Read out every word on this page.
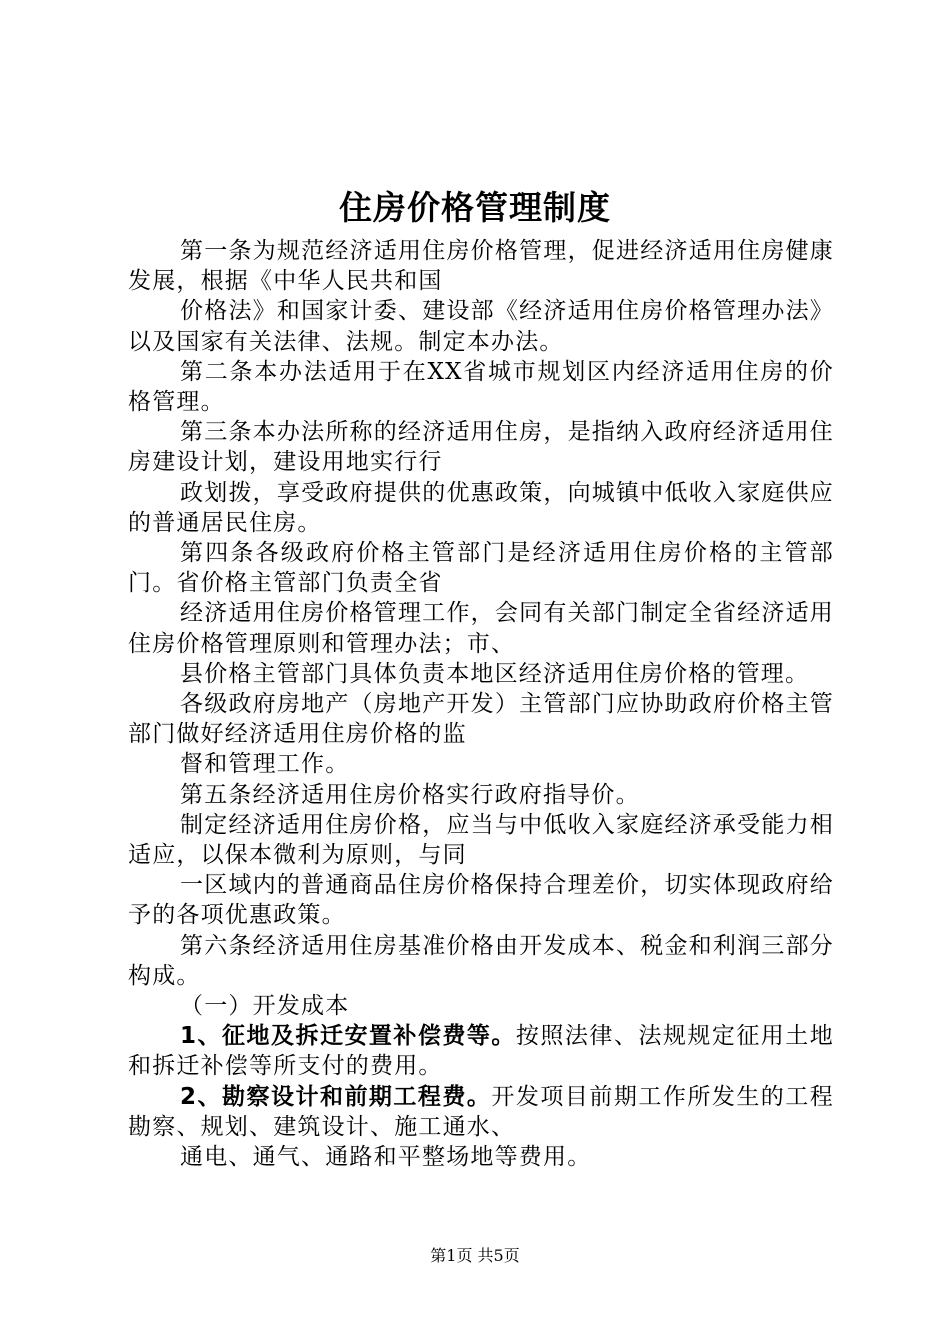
住房价格管理制度

第一条为规范经济适用住房价格管理，促进经济适用住房健康发展，根据《中华人民共和国

价格法》和国家计委、建设部《经济适用住房价格管理办法》以及国家有关法律、法规。制定本办法。

第二条本办法适用于在XX省城市规划区内经济适用住房的价格管理。

第三条本办法所称的经济适用住房，是指纳入政府经济适用住房建设计划，建设用地实行行

政划拨，享受政府提供的优惠政策，向城镇中低收入家庭供应的普通居民住房。

第四条各级政府价格主管部门是经济适用住房价格的主管部门。省价格主管部门负责全省

经济适用住房价格管理工作，会同有关部门制定全省经济适用住房价格管理原则和管理办法；市、

县价格主管部门具体负责本地区经济适用住房价格的管理。

各级政府房地产（房地产开发）主管部门应协助政府价格主管部门做好经济适用住房价格的监

督和管理工作。

第五条经济适用住房价格实行政府指导价。

制定经济适用住房价格，应当与中低收入家庭经济承受能力相适应，以保本微利为原则，与同

一区域内的普通商品住房价格保持合理差价，切实体现政府给予的各项优惠政策。

第六条经济适用住房基准价格由开发成本、税金和利润三部分构成。

（一）开发成本

1、征地及拆迁安置补偿费等。按照法律、法规规定征用土地和拆迁补偿等所支付的费用。

2、勘察设计和前期工程费。开发项目前期工作所发生的工程勘察、规划、建筑设计、施工通水、

通电、通气、通路和平整场地等费用。

第1页 共5页
